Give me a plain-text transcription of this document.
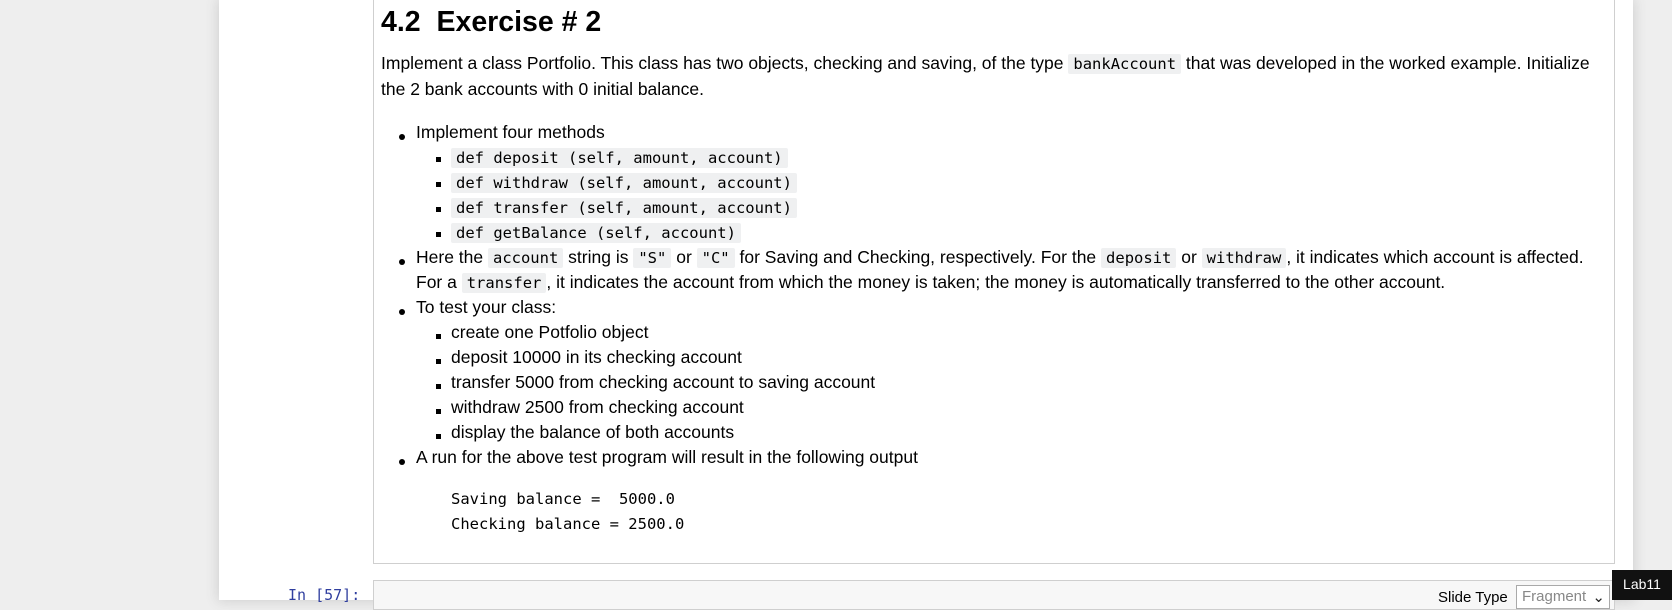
4.2  Exercise # 2

Implement a class Portfolio. This class has two objects, checking and saving, of the type bankAccount that was developed in the worked example. Initialize the 2 bank accounts with 0 initial balance.

Implement four methods

def deposit (self, amount, account)

def withdraw (self, amount, account)

def transfer (self, amount, account)

def getBalance (self, account)

Here the account string is "S" or "C" for Saving and Checking, respectively. For the deposit or withdraw , it indicates which account is affected.

For a transfer , it indicates the account from which the money is taken; the money is automatically transferred to the other account.

To test your class:

create one Potfolio object

deposit 10000 in its checking account

transfer 5000 from checking account to saving account

withdraw 2500 from checking account

display the balance of both accounts

A run for the above test program will result in the following output

Saving balance =  5000.0
Checking balance = 2500.0
In [57]:	Slide Type Fragment ⌄
Lab11
